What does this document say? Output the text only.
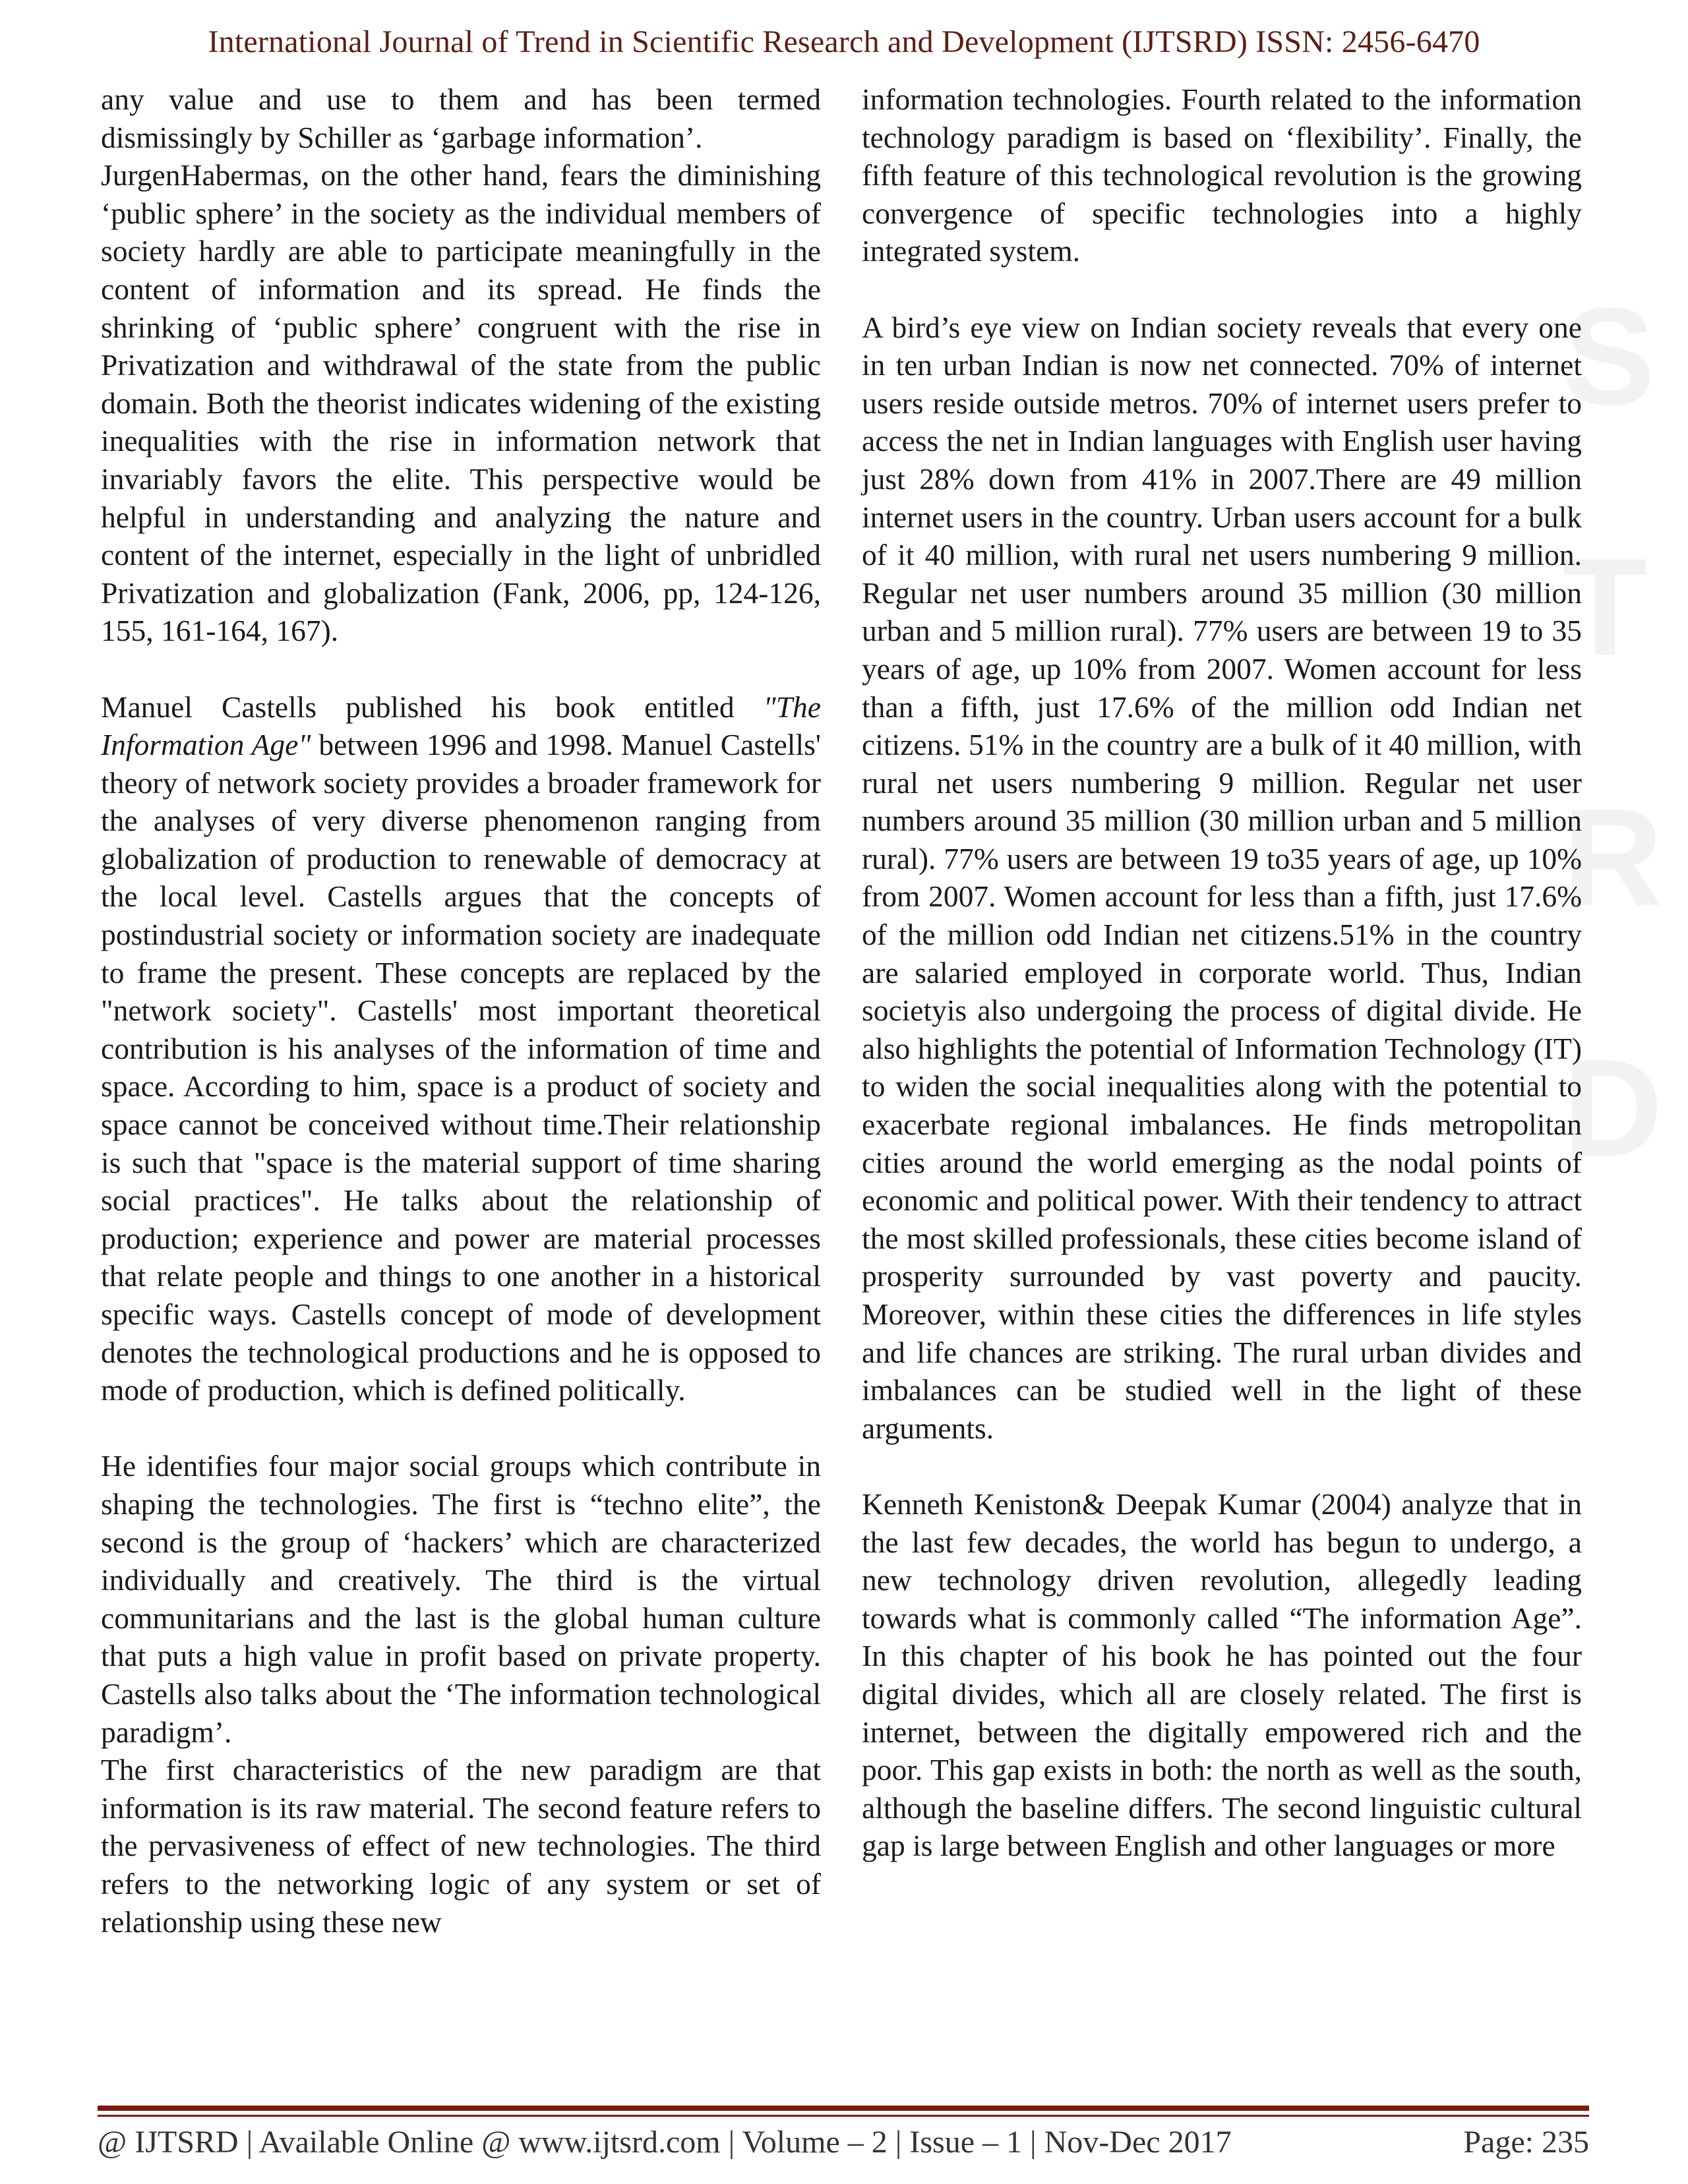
S
T
R
D
International Journal of Trend in Scientific Research and Development (IJTSRD) ISSN: 2456-6470

any value and use to them and has been termed dismissingly by Schiller as ‘garbage information’.

JurgenHabermas, on the other hand, fears the diminishing ‘public sphere’ in the society as the individual members of society hardly are able to participate meaningfully in the content of information and its spread. He finds the shrinking of ‘public sphere’ congruent with the rise in Privatization and withdrawal of the state from the public domain. Both the theorist indicates widening of the existing inequalities with the rise in information network that invariably favors the elite. This perspective would be helpful in understanding and analyzing the nature and content of the internet, especially in the light of unbridled Privatization and globalization (Fank, 2006, pp, 124-126, 155, 161-164, 167).

Manuel Castells published his book entitled "The Information Age" between 1996 and 1998. Manuel Castells' theory of network society provides a broader framework for the analyses of very diverse phenomenon ranging from globalization of production to renewable of democracy at the local level. Castells argues that the concepts of postindustrial society or information society are inadequate to frame the present. These concepts are replaced by the "network society". Castells' most important theoretical contribution is his analyses of the information of time and space. According to him, space is a product of society and space cannot be conceived without time.Their relationship is such that "space is the material support of time sharing social practices". He talks about the relationship of production; experience and power are material processes that relate people and things to one another in a historical specific ways. Castells concept of mode of development denotes the technological productions and he is opposed to mode of production, which is defined politically.

He identifies four major social groups which contribute in shaping the technologies. The first is “techno elite”, the second is the group of ‘hackers’ which are characterized individually and creatively. The third is the virtual communitarians and the last is the global human culture that puts a high value in profit based on private property. Castells also talks about the ‘The information technological paradigm’.

The first characteristics of the new paradigm are that information is its raw material. The second feature refers to the pervasiveness of effect of new technologies. The third refers to the networking logic of any system or set of relationship using these new

information technologies. Fourth related to the information technology paradigm is based on ‘flexibility’. Finally, the fifth feature of this technological revolution is the growing convergence of specific technologies into a highly integrated system.

A bird’s eye view on Indian society reveals that every one in ten urban Indian is now net connected. 70% of internet users reside outside metros. 70% of internet users prefer to access the net in Indian languages with English user having just 28% down from 41% in 2007.There are 49 million internet users in the country. Urban users account for a bulk of it 40 million, with rural net users numbering 9 million. Regular net user numbers around 35 million (30 million urban and 5 million rural). 77% users are between 19 to 35 years of age, up 10% from 2007. Women account for less than a fifth, just 17.6% of the million odd Indian net citizens. 51% in the country are a bulk of it 40 million, with rural net users numbering 9 million. Regular net user numbers around 35 million (30 million urban and 5 million rural). 77% users are between 19 to35 years of age, up 10% from 2007. Women account for less than a fifth, just 17.6% of the million odd Indian net citizens.51% in the country are salaried employed in corporate world. Thus, Indian societyis also undergoing the process of digital divide. He also highlights the potential of Information Technology (IT) to widen the social inequalities along with the potential to exacerbate regional imbalances. He finds metropolitan cities around the world emerging as the nodal points of economic and political power. With their tendency to attract the most skilled professionals, these cities become island of prosperity surrounded by vast poverty and paucity. Moreover, within these cities the differences in life styles and life chances are striking. The rural urban divides and imbalances can be studied well in the light of these arguments.

Kenneth Keniston& Deepak Kumar (2004) analyze that in the last few decades, the world has begun to undergo, a new technology driven revolution, allegedly leading towards what is commonly called “The information Age”. In this chapter of his book he has pointed out the four digital divides, which all are closely related. The first is internet, between the digitally empowered rich and the poor. This gap exists in both: the north as well as the south, although the baseline differs. The second linguistic cultural gap is large between English and other languages or more

@ IJTSRD | Available Online @ www.ijtsrd.com | Volume – 2 | Issue – 1 | Nov-Dec 2017	Page: 235
